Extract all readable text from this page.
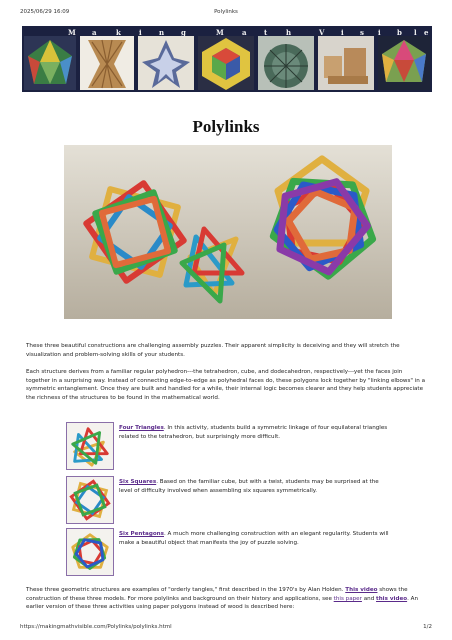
2025/06/29 16:09	Polylinks
M a	k	i n g	M	a t	h	V i s i b l e
Polylinks

These three beautiful constructions are challenging assembly puzzles. Their apparent simplicity is deceiving and they will stretch the visualization and problem-solving skills of your students.

Each structure derives from a familiar regular polyhedron---the tetrahedron, cube, and dodecahedron, respectively---yet the faces join together in a surprising way. Instead of connecting edge-to-edge as polyhedral faces do, these polygons lock together by "linking elbows" in a symmetric entanglement. Once they are built and handled for a while, their internal logic becomes clearer and they help students appreciate the richness of the structures to be found in the mathematical world.

Four Triangles. In this activity, students build a symmetric linkage of four equilateral triangles related to the tetrahedron, but surprisingly more difficult.

Six Squares. Based on the familiar cube, but with a twist, students may be surprised at the level of difficulty involved when assembling six squares symmetrically.

Six Pentagons. A much more challenging construction with an elegant regularity. Students will make a beautiful object that manifests the joy of puzzle solving.

These three geometric structures are examples of "orderly tangles," first described in the 1970's by Alan Holden. This video shows the construction of these three models. For more polylinks and background on their history and applications, see this paper and this video. An earlier version of these three activities using paper polygons instead of wood is described here:

https://makingmathvisible.com/Polylinks/polylinks.html	1/2
